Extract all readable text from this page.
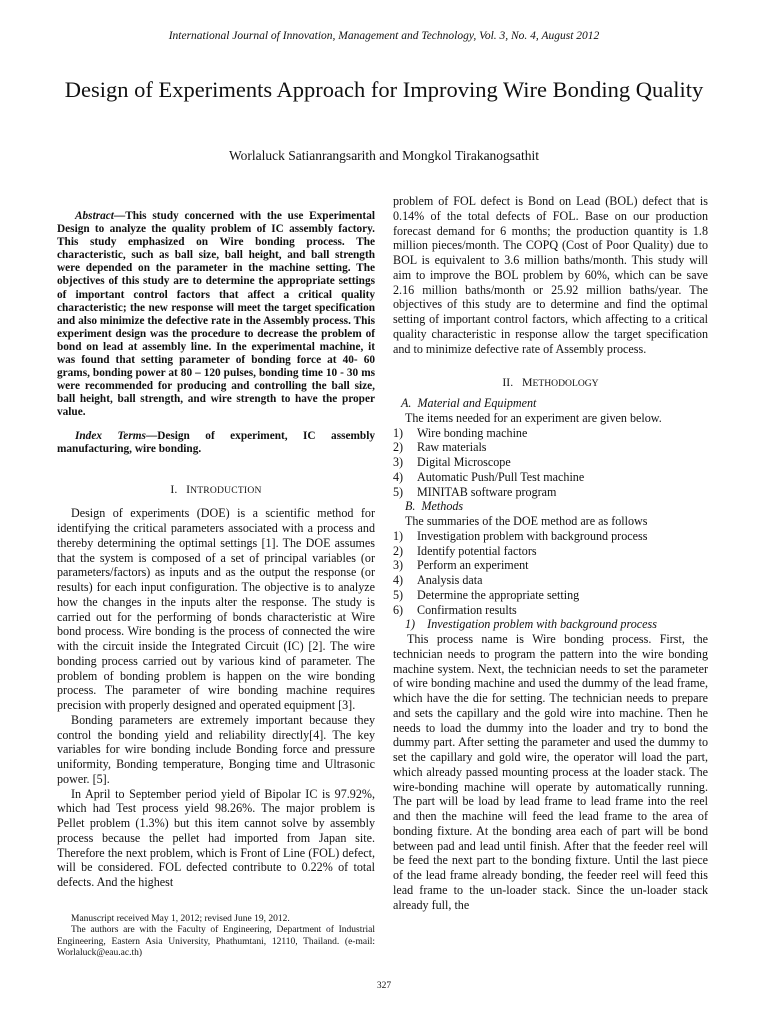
International Journal of Innovation, Management and Technology, Vol. 3, No. 4, August 2012
Design of Experiments Approach for Improving Wire Bonding Quality
Worlaluck Satianrangsarith and Mongkol Tirakanogsathit

Abstract—This study concerned with the use Experimental Design to analyze the quality problem of IC assembly factory. This study emphasized on Wire bonding process. The characteristic, such as ball size, ball height, and ball strength were depended on the parameter in the machine setting. The objectives of this study are to determine the appropriate settings of important control factors that affect a critical quality characteristic; the new response will meet the target specification and also minimize the defective rate in the Assembly process. This experiment design was the procedure to decrease the problem of bond on lead at assembly line. In the experimental machine, it was found that setting parameter of bonding force at 40- 60 grams, bonding power at 80 – 120 pulses, bonding time 10 - 30 ms were recommended for producing and controlling the ball size, ball height, ball strength, and wire strength to have the proper value.

Index Terms—Design of experiment, IC assembly manufacturing, wire bonding.

I. INTRODUCTION

Design of experiments (DOE) is a scientific method for identifying the critical parameters associated with a process and thereby determining the optimal settings [1]. The DOE assumes that the system is composed of a set of principal variables (or parameters/factors) as inputs and as the output the response (or results) for each input configuration. The objective is to analyze how the changes in the inputs alter the response. The study is carried out for the performing of bonds characteristic at Wire bond process. Wire bonding is the process of connected the wire with the circuit inside the Integrated Circuit (IC) [2]. The wire bonding process carried out by various kind of parameter. The problem of bonding problem is happen on the wire bonding process. The parameter of wire bonding machine requires precision with properly designed and operated equipment [3].

Bonding parameters are extremely important because they control the bonding yield and reliability directly[4]. The key variables for wire bonding include Bonding force and pressure uniformity, Bonding temperature, Bonging time and Ultrasonic power. [5].

In April to September period yield of Bipolar IC is 97.92%, which had Test process yield 98.26%. The major problem is Pellet problem (1.3%) but this item cannot solve by assembly process because the pellet had imported from Japan site. Therefore the next problem, which is Front of Line (FOL) defect, will be considered. FOL defected contribute to 0.22% of total defects. And the highest

Manuscript received May 1, 2012; revised June 19, 2012.

The authors are with the Faculty of Engineering, Department of Industrial Engineering, Eastern Asia University, Phathumtani, 12110, Thailand. (e-mail: Worlaluck@eau.ac.th)

problem of FOL defect is Bond on Lead (BOL) defect that is 0.14% of the total defects of FOL. Base on our production forecast demand for 6 months; the production quantity is 1.8 million pieces/month. The COPQ (Cost of Poor Quality) due to BOL is equivalent to 3.6 million baths/month. This study will aim to improve the BOL problem by 60%, which can be save 2.16 million baths/month or 25.92 million baths/year. The objectives of this study are to determine and find the optimal setting of important control factors, which affecting to a critical quality characteristic in response allow the target specification and to minimize defective rate of Assembly process.

II. METHODOLOGY

A. Material and Equipment

The items needed for an experiment are given below.

1) Wire bonding machine
2) Raw materials
3) Digital Microscope
4) Automatic Push/Pull Test machine
5) MINITAB software program

B. Methods

The summaries of the DOE method are as follows

1) Investigation problem with background process
2) Identify potential factors
3) Perform an experiment
4) Analysis data
5) Determine the appropriate setting
6) Confirmation results

1) Investigation problem with background process

This process name is Wire bonding process. First, the technician needs to program the pattern into the wire bonding machine system. Next, the technician needs to set the parameter of wire bonding machine and used the dummy of the lead frame, which have the die for setting. The technician needs to prepare and sets the capillary and the gold wire into machine. Then he needs to load the dummy into the loader and try to bond the dummy part. After setting the parameter and used the dummy to set the capillary and gold wire, the operator will load the part, which already passed mounting process at the loader stack. The wire-bonding machine will operate by automatically running. The part will be load by lead frame to lead frame into the reel and then the machine will feed the lead frame to the area of bonding fixture. At the bonding area each of part will be bond between pad and lead until finish. After that the feeder reel will be feed the next part to the bonding fixture. Until the last piece of the lead frame already bonding, the feeder reel will feed this lead frame to the un-loader stack. Since the un-loader stack already full, the

327
